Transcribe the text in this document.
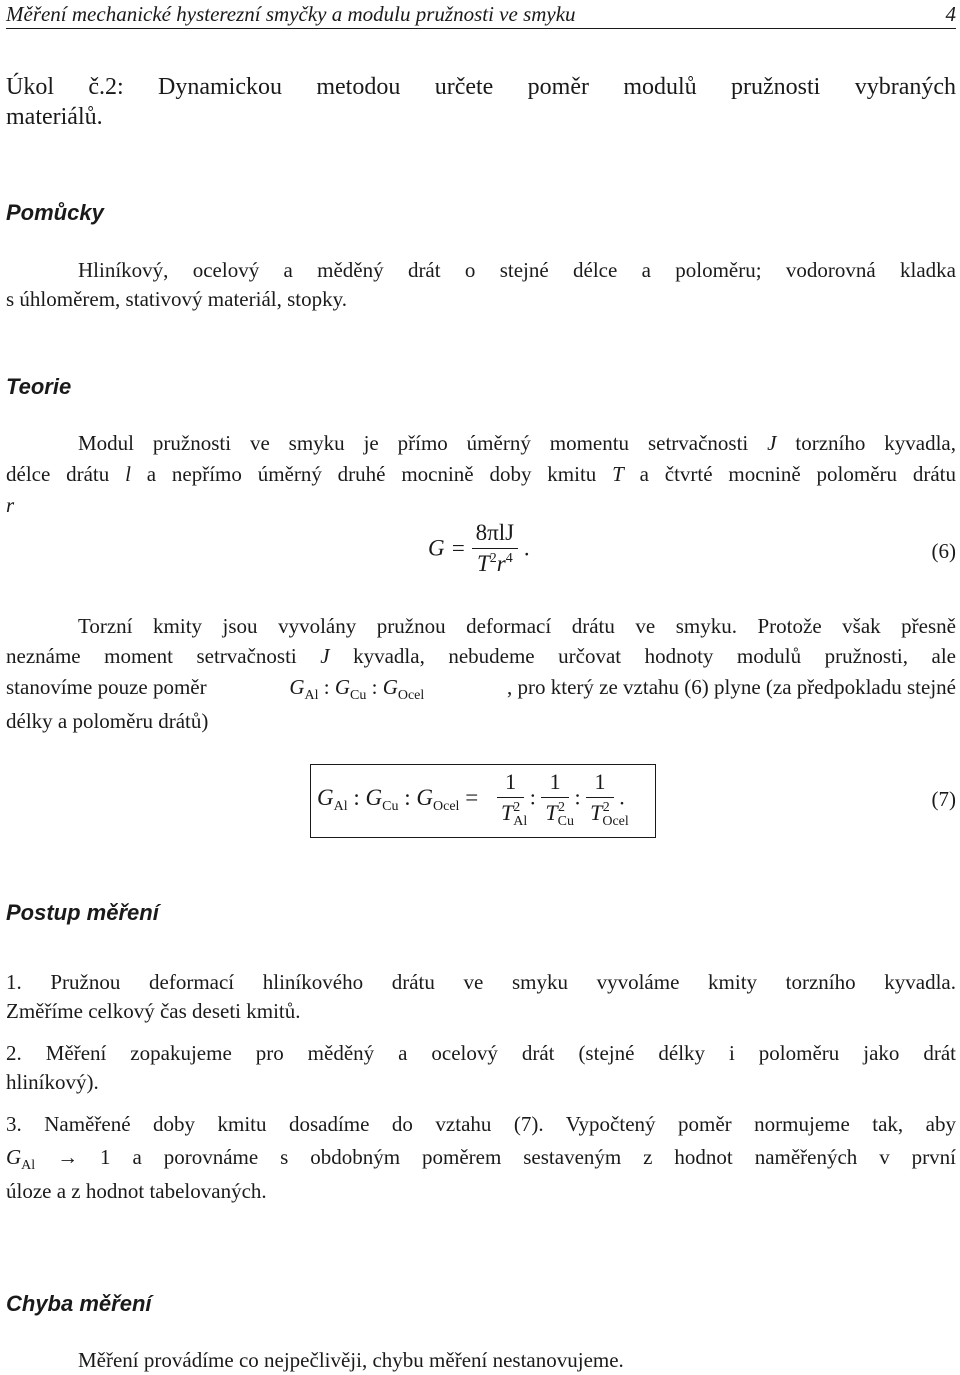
Měření mechanické hysterezní smyčky a modulu pružnosti ve smyku	4
Úkol č.2: Dynamickou metodou určete poměr modulů pružnosti vybraných
materiálů.
Pomůcky
Hliníkový, ocelový a měděný drát o stejné délce a poloměru; vodorovná kladka
s úhloměrem, stativový materiál, stopky.
Teorie
Modul pružnosti ve smyku je přímo úměrný momentu setrvačnosti J torzního kyvadla,
délce drátu l a nepřímo úměrný druhé mocnině doby kmitu T a čtvrté mocnině poloměru drátu
r
$G = \frac{\text{8πlJ}}{T^2r^4}$ .	(6)
Torzní kmity jsou vyvolány pružnou deformací drátu ve smyku. Protože však přesně
neznáme moment setrvačnosti J kyvadla, nebudeme určovat hodnoty modulů pružnosti, ale
stanovíme pouze poměr	$G_{Al}$ : $G_{Cu}$ : $G_{Ocel}$	, pro který ze vztahu (6) plyne (za předpokladu stejné
délky a poloměru drátů)
$G_{Al}$ : $G_{Cu}$ : $G_{Ocel} = \frac{1}{T_{Al}^2}$ : $\frac{1}{T_{Cu}^2}$ : $\frac{1}{T_{Ocel}^2}$ .	(7)
Postup měření
1. Pružnou deformací hliníkového drátu ve smyku vyvoláme kmity torzního kyvadla.
Změříme celkový čas deseti kmitů.
2. Měření zopakujeme pro měděný a ocelový drát (stejné délky i poloměru jako drát
hliníkový).
3. Naměřené doby kmitu dosadíme do vztahu (7). Vypočtený poměr normujeme tak, aby
$G_{Al} \to 1$ a porovnáme s obdobným poměrem sestaveným z hodnot naměřených v první
úloze a z hodnot tabelovaných.
Chyba měření
Měření provádíme co nejpečlivěji, chybu měření nestanovujeme.
